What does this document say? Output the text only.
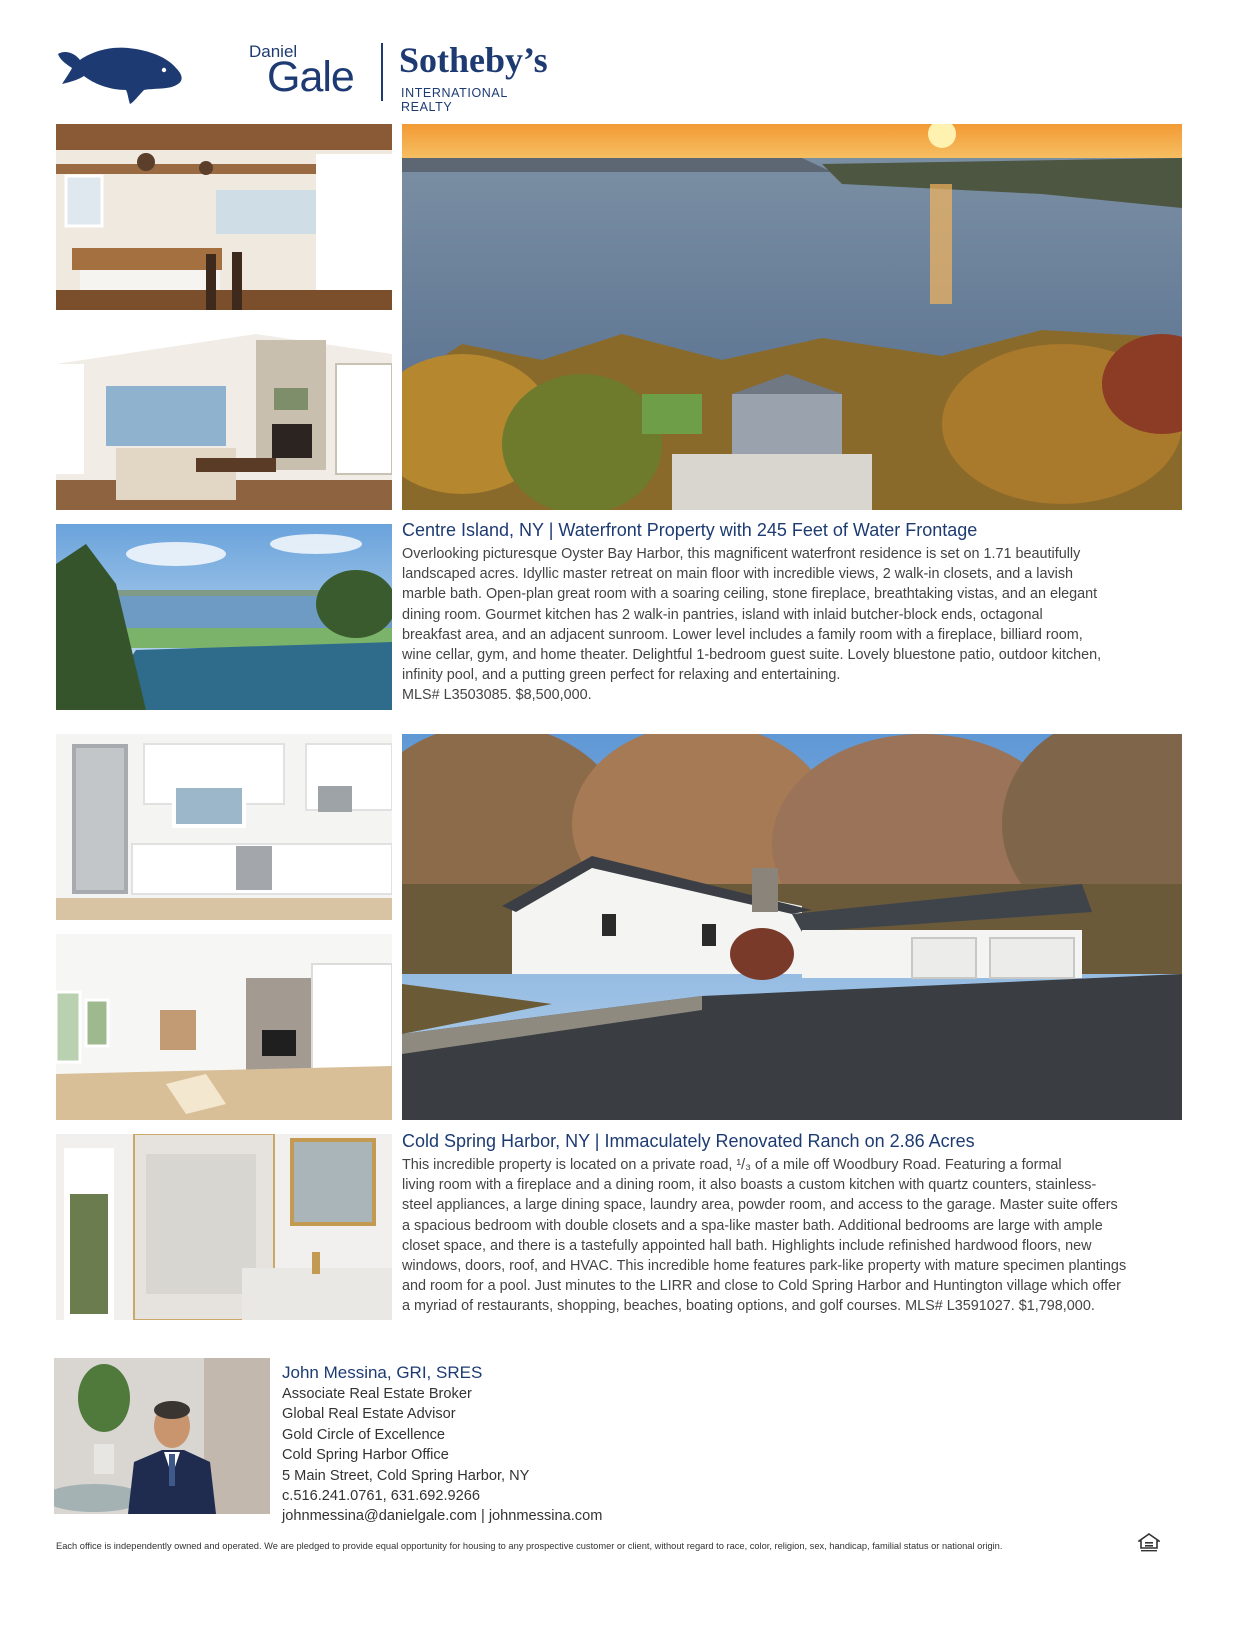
Daniel
Gale Sotheby’s
INTERNATIONAL REALTY
Centre Island, NY | Waterfront Property with 245 Feet of Water Frontage
Overlooking picturesque Oyster Bay Harbor, this magnificent waterfront residence is set on 1.71 beautifully
landscaped acres. Idyllic master retreat on main floor with incredible views, 2 walk-in closets, and a lavish
marble bath. Open-plan great room with a soaring ceiling, stone fireplace, breathtaking vistas, and an elegant
dining room. Gourmet kitchen has 2 walk-in pantries, island with inlaid butcher-block ends, octagonal
breakfast area, and an adjacent sunroom. Lower level includes a family room with a fireplace, billiard room,
wine cellar, gym, and home theater. Delightful 1-bedroom guest suite. Lovely bluestone patio, outdoor kitchen,
infinity pool, and a putting green perfect for relaxing and entertaining.
MLS# L3503085. $8,500,000.
Cold Spring Harbor, NY | Immaculately Renovated Ranch on 2.86 Acres
This incredible property is located on a private road, ¹/₃ of a mile off Woodbury Road. Featuring a formal
living room with a fireplace and a dining room, it also boasts a custom kitchen with quartz counters, stainless-
steel appliances, a large dining space, laundry area, powder room, and access to the garage. Master suite offers
a spacious bedroom with double closets and a spa-like master bath. Additional bedrooms are large with ample
closet space, and there is a tastefully appointed hall bath. Highlights include refinished hardwood floors, new
windows, doors, roof, and HVAC. This incredible home features park-like property with mature specimen plantings
and room for a pool. Just minutes to the LIRR and close to Cold Spring Harbor and Huntington village which offer
a myriad of restaurants, shopping, beaches, boating options, and golf courses. MLS# L3591027. $1,798,000.
John Messina, GRI, SRES
Associate Real Estate Broker
Global Real Estate Advisor
Gold Circle of Excellence
Cold Spring Harbor Office
5 Main Street, Cold Spring Harbor, NY
c.516.241.0761, 631.692.9266
johnmessina@danielgale.com | johnmessina.com
Each office is independently owned and operated. We are pledged to provide equal opportunity for housing to any prospective customer or client, without regard to race, color, religion, sex, handicap, familial status or national origin.
